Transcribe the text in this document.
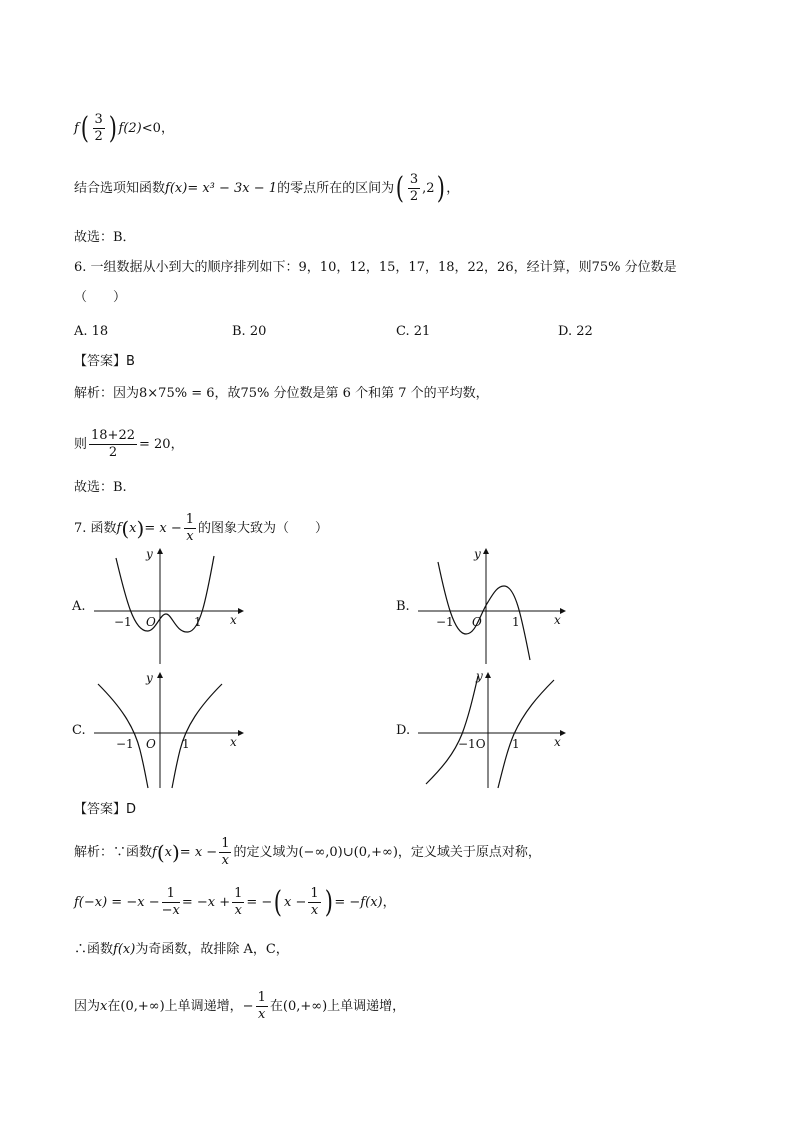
$f( \frac{3}{2}$ ) f(2)<0，
结合选项知函数f(x)= x³ − 3x − 1的零点所在的区间为( $\frac{3}{2} ,2$) ，
故选：B．
6. 一组数据从小到大的顺序排列如下：9，10，12，15，17，18，22，26，经计算，则75% 分位数是
（　　）
A. 18	B. 20	C. 21	D. 22
【答案】B
解析：因为8×75% = 6，故75% 分位数是第 6 个和第 7 个的平均数，
则 $\frac{18+22}{2} = 20$，
故选：B.
7. 函数$f(x)= x - \frac{1}{x}$ 的图象大致为（　　）
A.	B.
C.	D.
y
x
O
−1	1
y
x
O
−1	1
y
x
O
−1	1
y
x
−1O 1
【答案】D
解析：∵函数$f(x)= x - \frac{1}{x}$ 的定义域为(−∞,0)∪(0,+∞)，定义域关于原点对称，
$f(-x) = -x - \frac{1}{-x} = -x + \frac{1}{x}$ = −( $x - \frac{1}{x}$ ) = −f(x)，
∴函数f(x)为奇函数，故排除 A，C，
因为x在(0,+∞)上单调递增，− $\frac{1}{x}$ 在(0,+∞)上单调递增，
